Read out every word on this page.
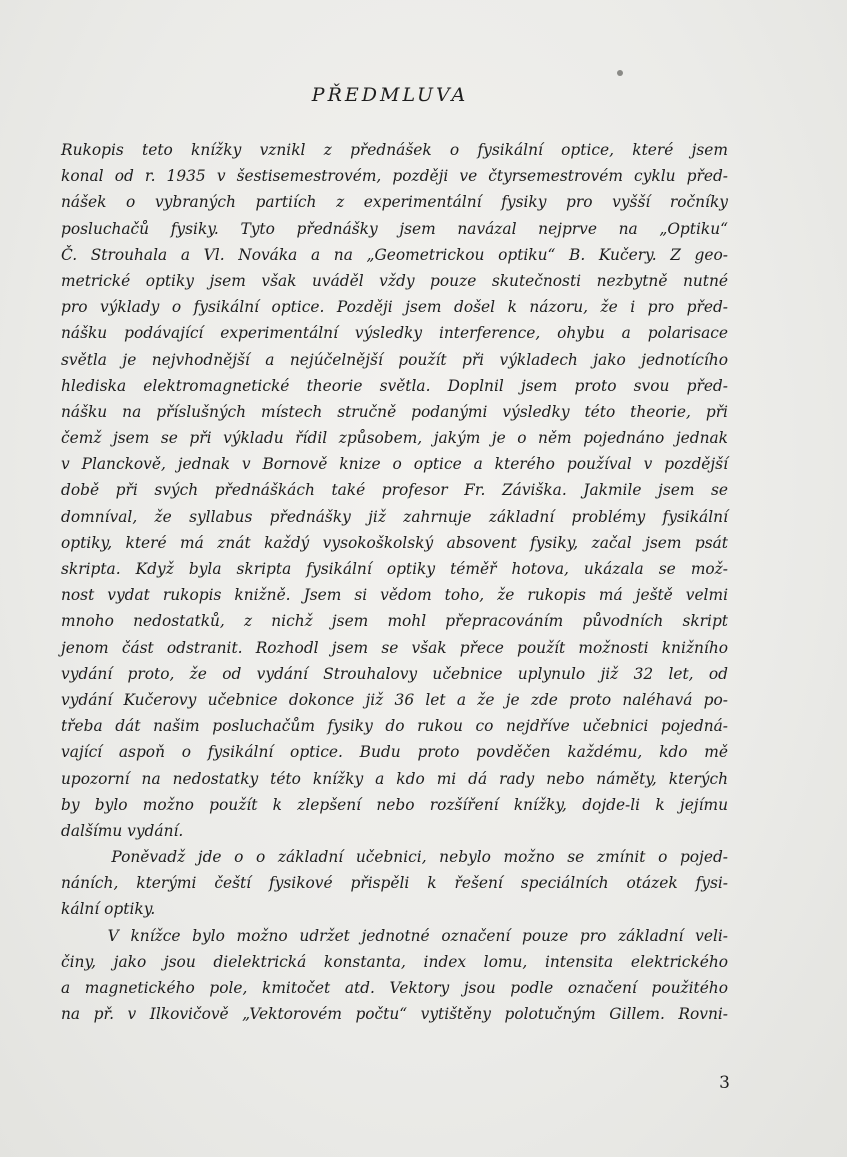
PŘEDMLUVA
Rukopis teto knížky vznikl z přednášek o fysikální optice, které jsem
konal od r. 1935 v šestisemestrovém, později ve čtyrsemestrovém cyklu před-
nášek o vybraných partiích z experimentální fysiky pro vyšší ročníky
posluchačů fysiky. Tyto přednášky jsem navázal nejprve na „Optiku“
Č. Strouhala a Vl. Nováka a na „Geometrickou optiku“ B. Kučery. Z geo-
metrické optiky jsem však uváděl vždy pouze skutečnosti nezbytně nutné
pro výklady o fysikální optice. Později jsem došel k názoru, že i pro před-
nášku podávající experimentální výsledky interference, ohybu a polarisace
světla je nejvhodnější a nejúčelnější použít při výkladech jako jednotícího
hlediska elektromagnetické theorie světla. Doplnil jsem proto svou před-
nášku na příslušných místech stručně podanými výsledky této theorie, při
čemž jsem se při výkladu řídil způsobem, jakým je o něm pojednáno jednak
v Planckově, jednak v Bornově knize o optice a kterého používal v pozdější
době při svých přednáškách také profesor Fr. Záviška. Jakmile jsem se
domníval, že syllabus přednášky již zahrnuje základní problémy fysikální
optiky, které má znát každý vysokoškolský absovent fysiky, začal jsem psát
skripta. Když byla skripta fysikální optiky téměř hotova, ukázala se mož-
nost vydat rukopis knižně. Jsem si vědom toho, že rukopis má ještě velmi
mnoho nedostatků, z nichž jsem mohl přepracováním původních skript
jenom část odstranit. Rozhodl jsem se však přece použít možnosti knižního
vydání proto, že od vydání Strouhalovy učebnice uplynulo již 32 let, od
vydání Kučerovy učebnice dokonce již 36 let a že je zde proto naléhavá po-
třeba dát našim posluchačům fysiky do rukou co nejdříve učebnici pojedná-
vající aspoň o fysikální optice. Budu proto povděčen každému, kdo mě
upozorní na nedostatky této knížky a kdo mi dá rady nebo náměty, kterých
by bylo možno použít k zlepšení nebo rozšíření knížky, dojde-li k jejímu
dalšímu vydání.
Poněvadž jde o o základní učebnici, nebylo možno se zmínit o pojed-
náních, kterými čeští fysikové přispěli k řešení speciálních otázek fysi-
kální optiky.
V knížce bylo možno udržet jednotné označení pouze pro základní veli-
činy, jako jsou dielektrická konstanta, index lomu, intensita elektrického
a magnetického pole, kmitočet atd. Vektory jsou podle označení použitého
na př. v Ilkovičově „Vektorovém počtu“ vytištěny polotučným Gillem. Rovni-
3
